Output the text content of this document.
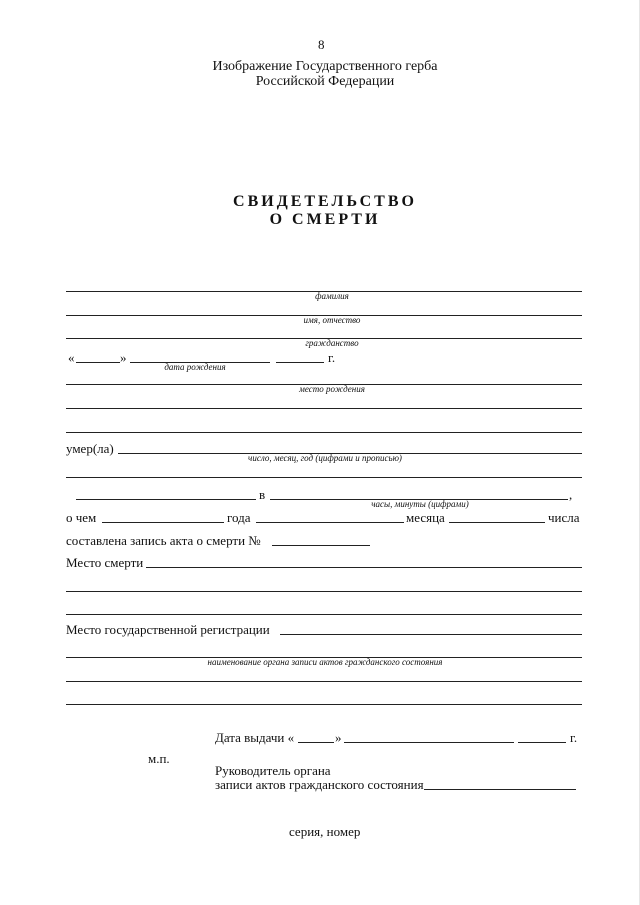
8
Изображение Государственного герба
Российской Федерации
СВИДЕТЕЛЬСТВО
О СМЕРТИ
фамилия
имя, отчество
гражданство
«	»	г.
дата рождения
место рождения
умер(ла)
число, месяц, год (цифрами и прописью)
в	,
часы, минуты (цифрами)
о чем	года	месяца	числа
составлена запись акта о смерти №
Место смерти
Место государственной регистрации
наименование органа записи актов гражданского состояния
Дата выдачи «	»	г.
м.п.
Руководитель органа
записи актов гражданского состояния
серия, номер
